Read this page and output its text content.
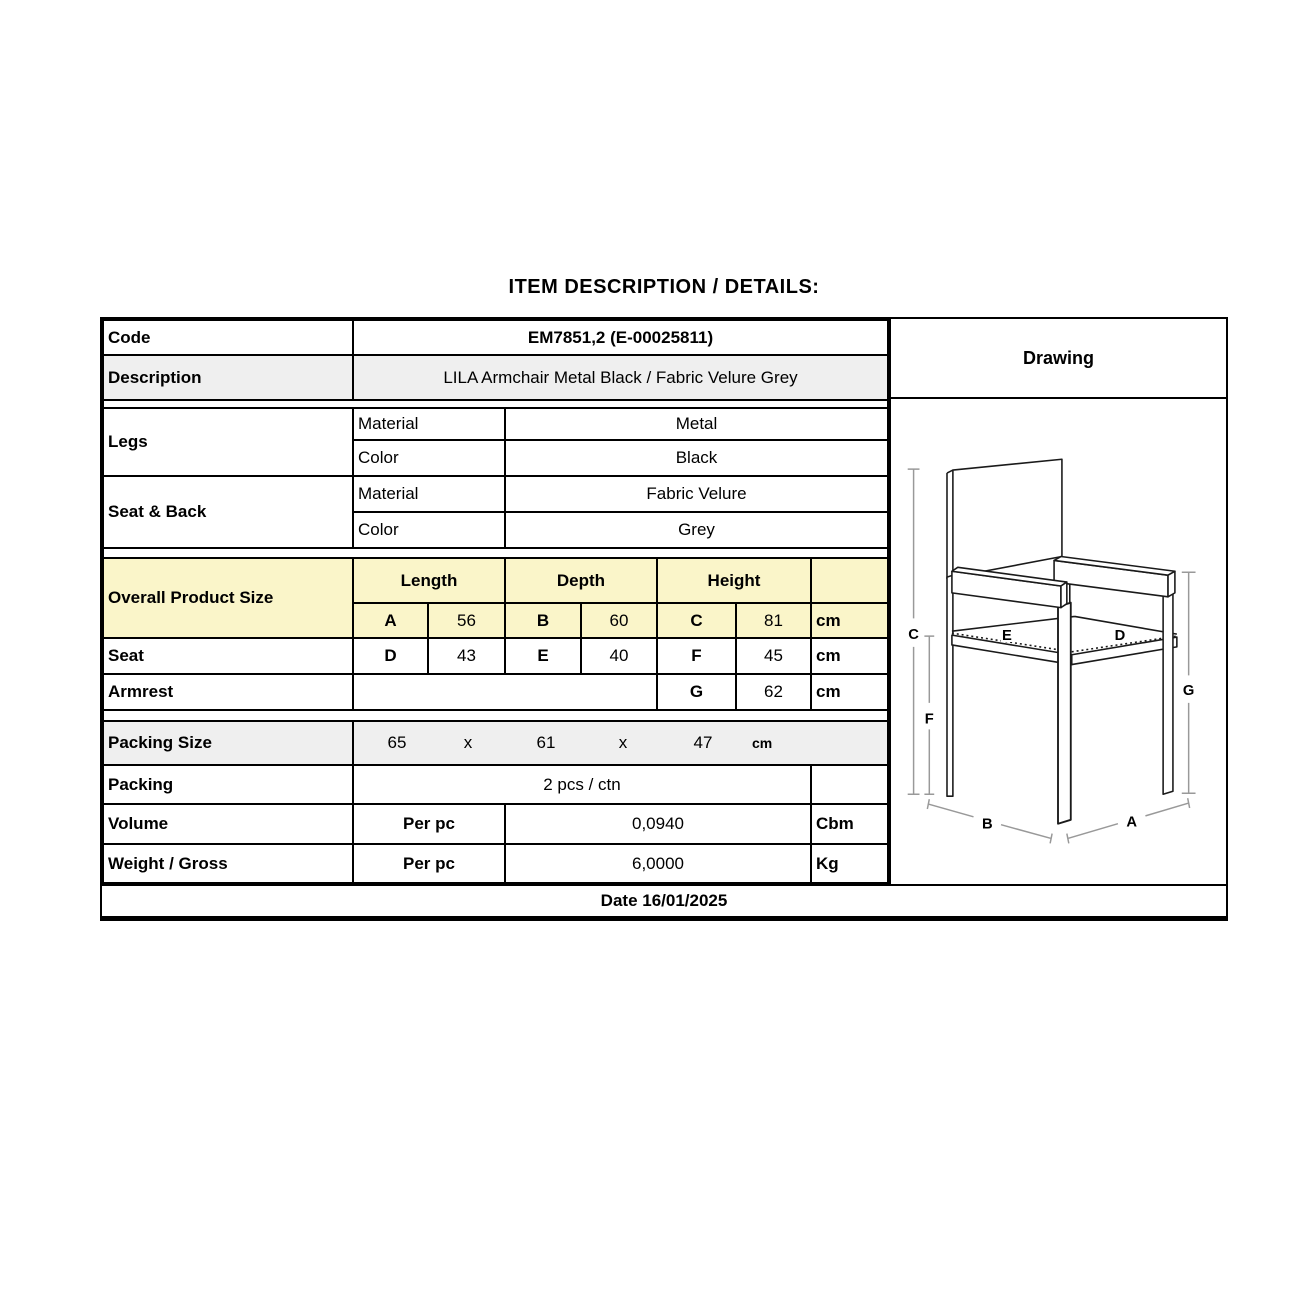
ITEM DESCRIPTION / DETAILS:
Code	EM7851,2 (E-00025811)						
Description	LILA Armchair Metal Black / Fabric Velure Grey						

Legs	Material		Metal				
	Color		Black				
Seat & Back	Material		Fabric Velure				
	Color		Grey				

Overall Product Size	Length		Depth		Height		
	A	56	B	60	C	81	cm
Seat	D	43	E	40	F	45	cm
Armrest					G	62	cm

Packing Size	65	x	61	x	47	cm

Packing	2 pcs / ctn						
Volume	Per pc		0,0940				Cbm
Weight / Gross	Per pc		6,0000				Kg
Drawing
C
F
G
E	D
B	A
Date 16/01/2025
